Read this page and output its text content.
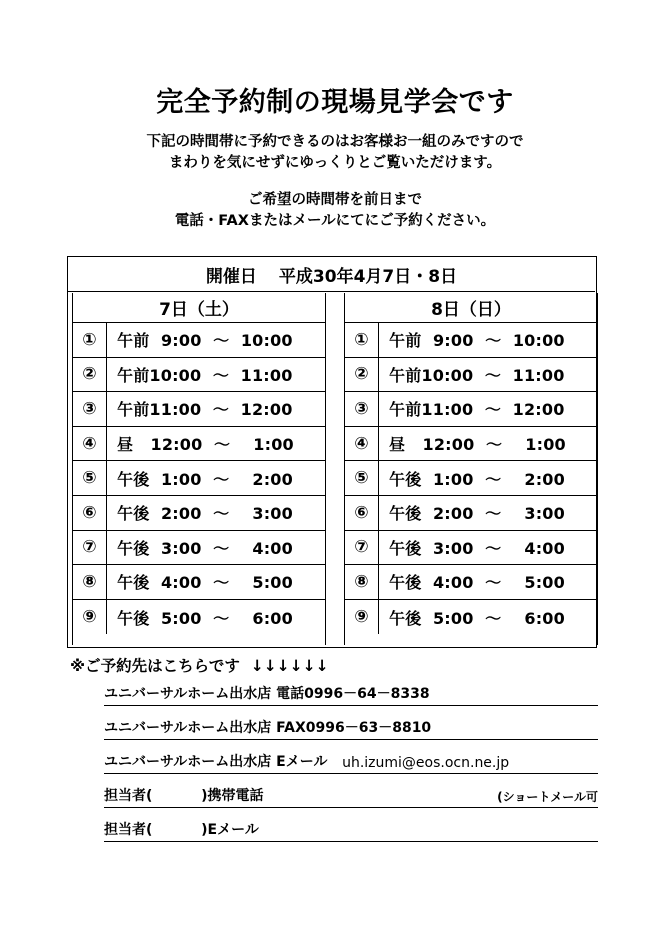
完全予約制の現場見学会です
下記の時間帯に予約できるのはお客様お一組のみですので
まわりを気にせずにゆっくりとご覧いただけます。
ご希望の時間帯を前日まで
電話・FAXまたはメールにてにご予約ください。
開催日 平成30年4月7日・8日
7日（土）
①	午前  9:00  ～  10:00
②	午前10:00  ～  11:00
③	午前11:00  ～  12:00
④	昼   12:00  ～    1:00
⑤	午後  1:00  ～    2:00
⑥	午後  2:00  ～    3:00
⑦	午後  3:00  ～    4:00
⑧	午後  4:00  ～    5:00
⑨	午後  5:00  ～    6:00
8日（日）
①	午前  9:00  ～  10:00
②	午前10:00  ～  11:00
③	午前11:00  ～  12:00
④	昼   12:00  ～    1:00
⑤	午後  1:00  ～    2:00
⑥	午後  2:00  ～    3:00
⑦	午後  3:00  ～    4:00
⑧	午後  4:00  ～    5:00
⑨	午後  5:00  ～    6:00
※ご予約先はこちらです  ↓↓↓↓↓↓
ユニバーサルホーム出水店 電話0996－64－8338
ユニバーサルホーム出水店 FAX0996－63－8810
ユニバーサルホーム出水店 Eメール uh.izumi@eos.ocn.ne.jp
担当者(          )携帯電話	(ショートメール可
担当者(          )Eメール
